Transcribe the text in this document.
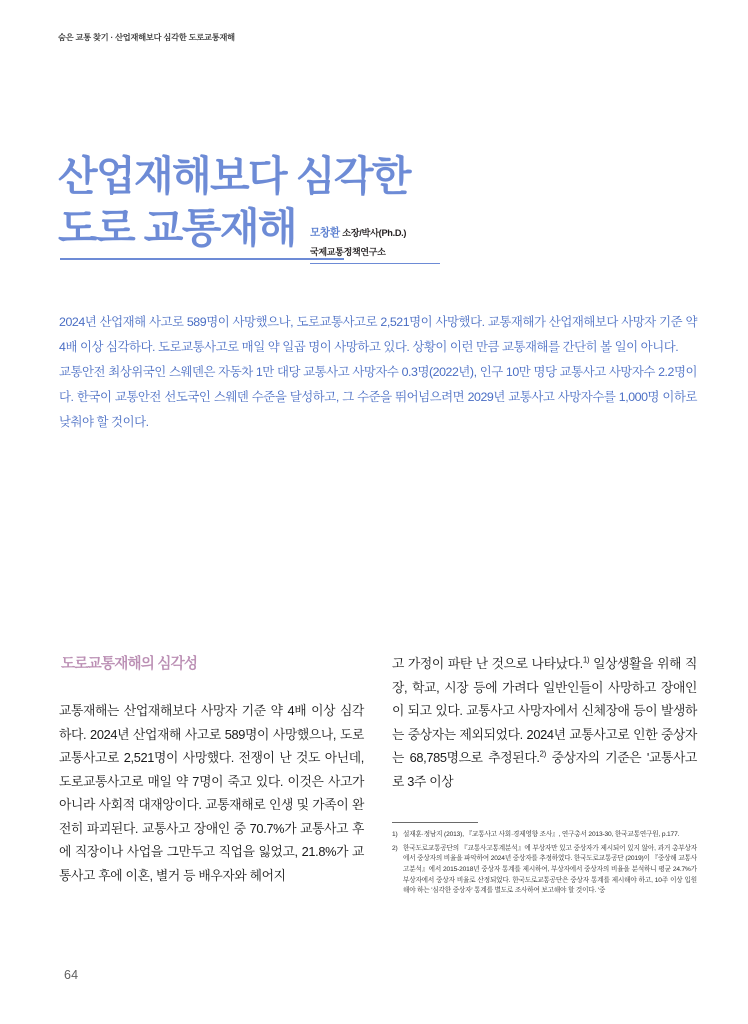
숨은 교통 찾기 · 산업재해보다 심각한 도로교통재해
산업재해보다 심각한
도로 교통재해	모창환 소장/박사(Ph.D.)
국제교통정책연구소

2024년 산업재해 사고로 589명이 사망했으나, 도로교통사고로 2,521명이 사망했다. 교통재해가 산업재해보다 사망자 기준 약 4배 이상 심각하다. 도로교통사고로 매일 약 일곱 명이 사망하고 있다. 상황이 이런 만큼 교통재해를 간단히 볼 일이 아니다.

교통안전 최상위국인 스웨덴은 자동차 1만 대당 교통사고 사망자수 0.3명(2022년), 인구 10만 명당 교통사고 사망자수 2.2명이다. 한국이 교통안전 선도국인 스웨덴 수준을 달성하고, 그 수준을 뛰어넘으려면 2029년 교통사고 사망자수를 1,000명 이하로 낮춰야 할 것이다.

도로교통재해의 심각성

교통재해는 산업재해보다 사망자 기준 약 4배 이상 심각하다. 2024년 산업재해 사고로 589명이 사망했으나, 도로교통사고로 2,521명이 사망했다. 전쟁이 난 것도 아닌데, 도로교통사고로 매일 약 7명이 죽고 있다. 이것은 사고가 아니라 사회적 대재앙이다. 교통재해로 인생 및 가족이 완전히 파괴된다. 교통사고 장애인 중 70.7%가 교통사고 후에 직장이나 사업을 그만두고 직업을 잃었고, 21.8%가 교통사고 후에 이혼, 별거 등 배우자와 헤어지

고 가정이 파탄 난 것으로 나타났다.$^{1)}$ 일상생활을 위해 직장, 학교, 시장 등에 가려다 일반인들이 사망하고 장애인이 되고 있다. 교통사고 사망자에서 신체장애 등이 발생하는 중상자는 제외되었다. 2024년 교통사고로 인한 중상자는 68,785명으로 추정된다.$^{2)}$ 중상자의 기준은 '교통사고로 3주 이상

1) 설재훈·정남지 (2013), 『교통사고 사회·경제영향 조사』, 연구총서 2013-30, 한국교통연구원, p.177.
2) 한국도로교통공단의 『교통사고통계분석』에 부상자만 있고 중상자가 제시되어 있지 않아, 과거 총부상자에서 중상자의 비율을 파악하여 2024년 중상자를 추정하였다. 한국도로교통공단 (2019)이 『중상해 교통사고분석』에서 2015-2018년 중상자 통계를 제시하여, 부상자에서 중상자의 비율을 분석하니 평균 24.7%가 부상자에서 중상자 비율로 산정되었다. 한국도로교통공단은 중상자 통계를 제시해야 하고, 10주 이상 입원해야 하는 '심각한 중상자' 통계를 별도로 조사하여 보고해야 할 것이다. '중
64
